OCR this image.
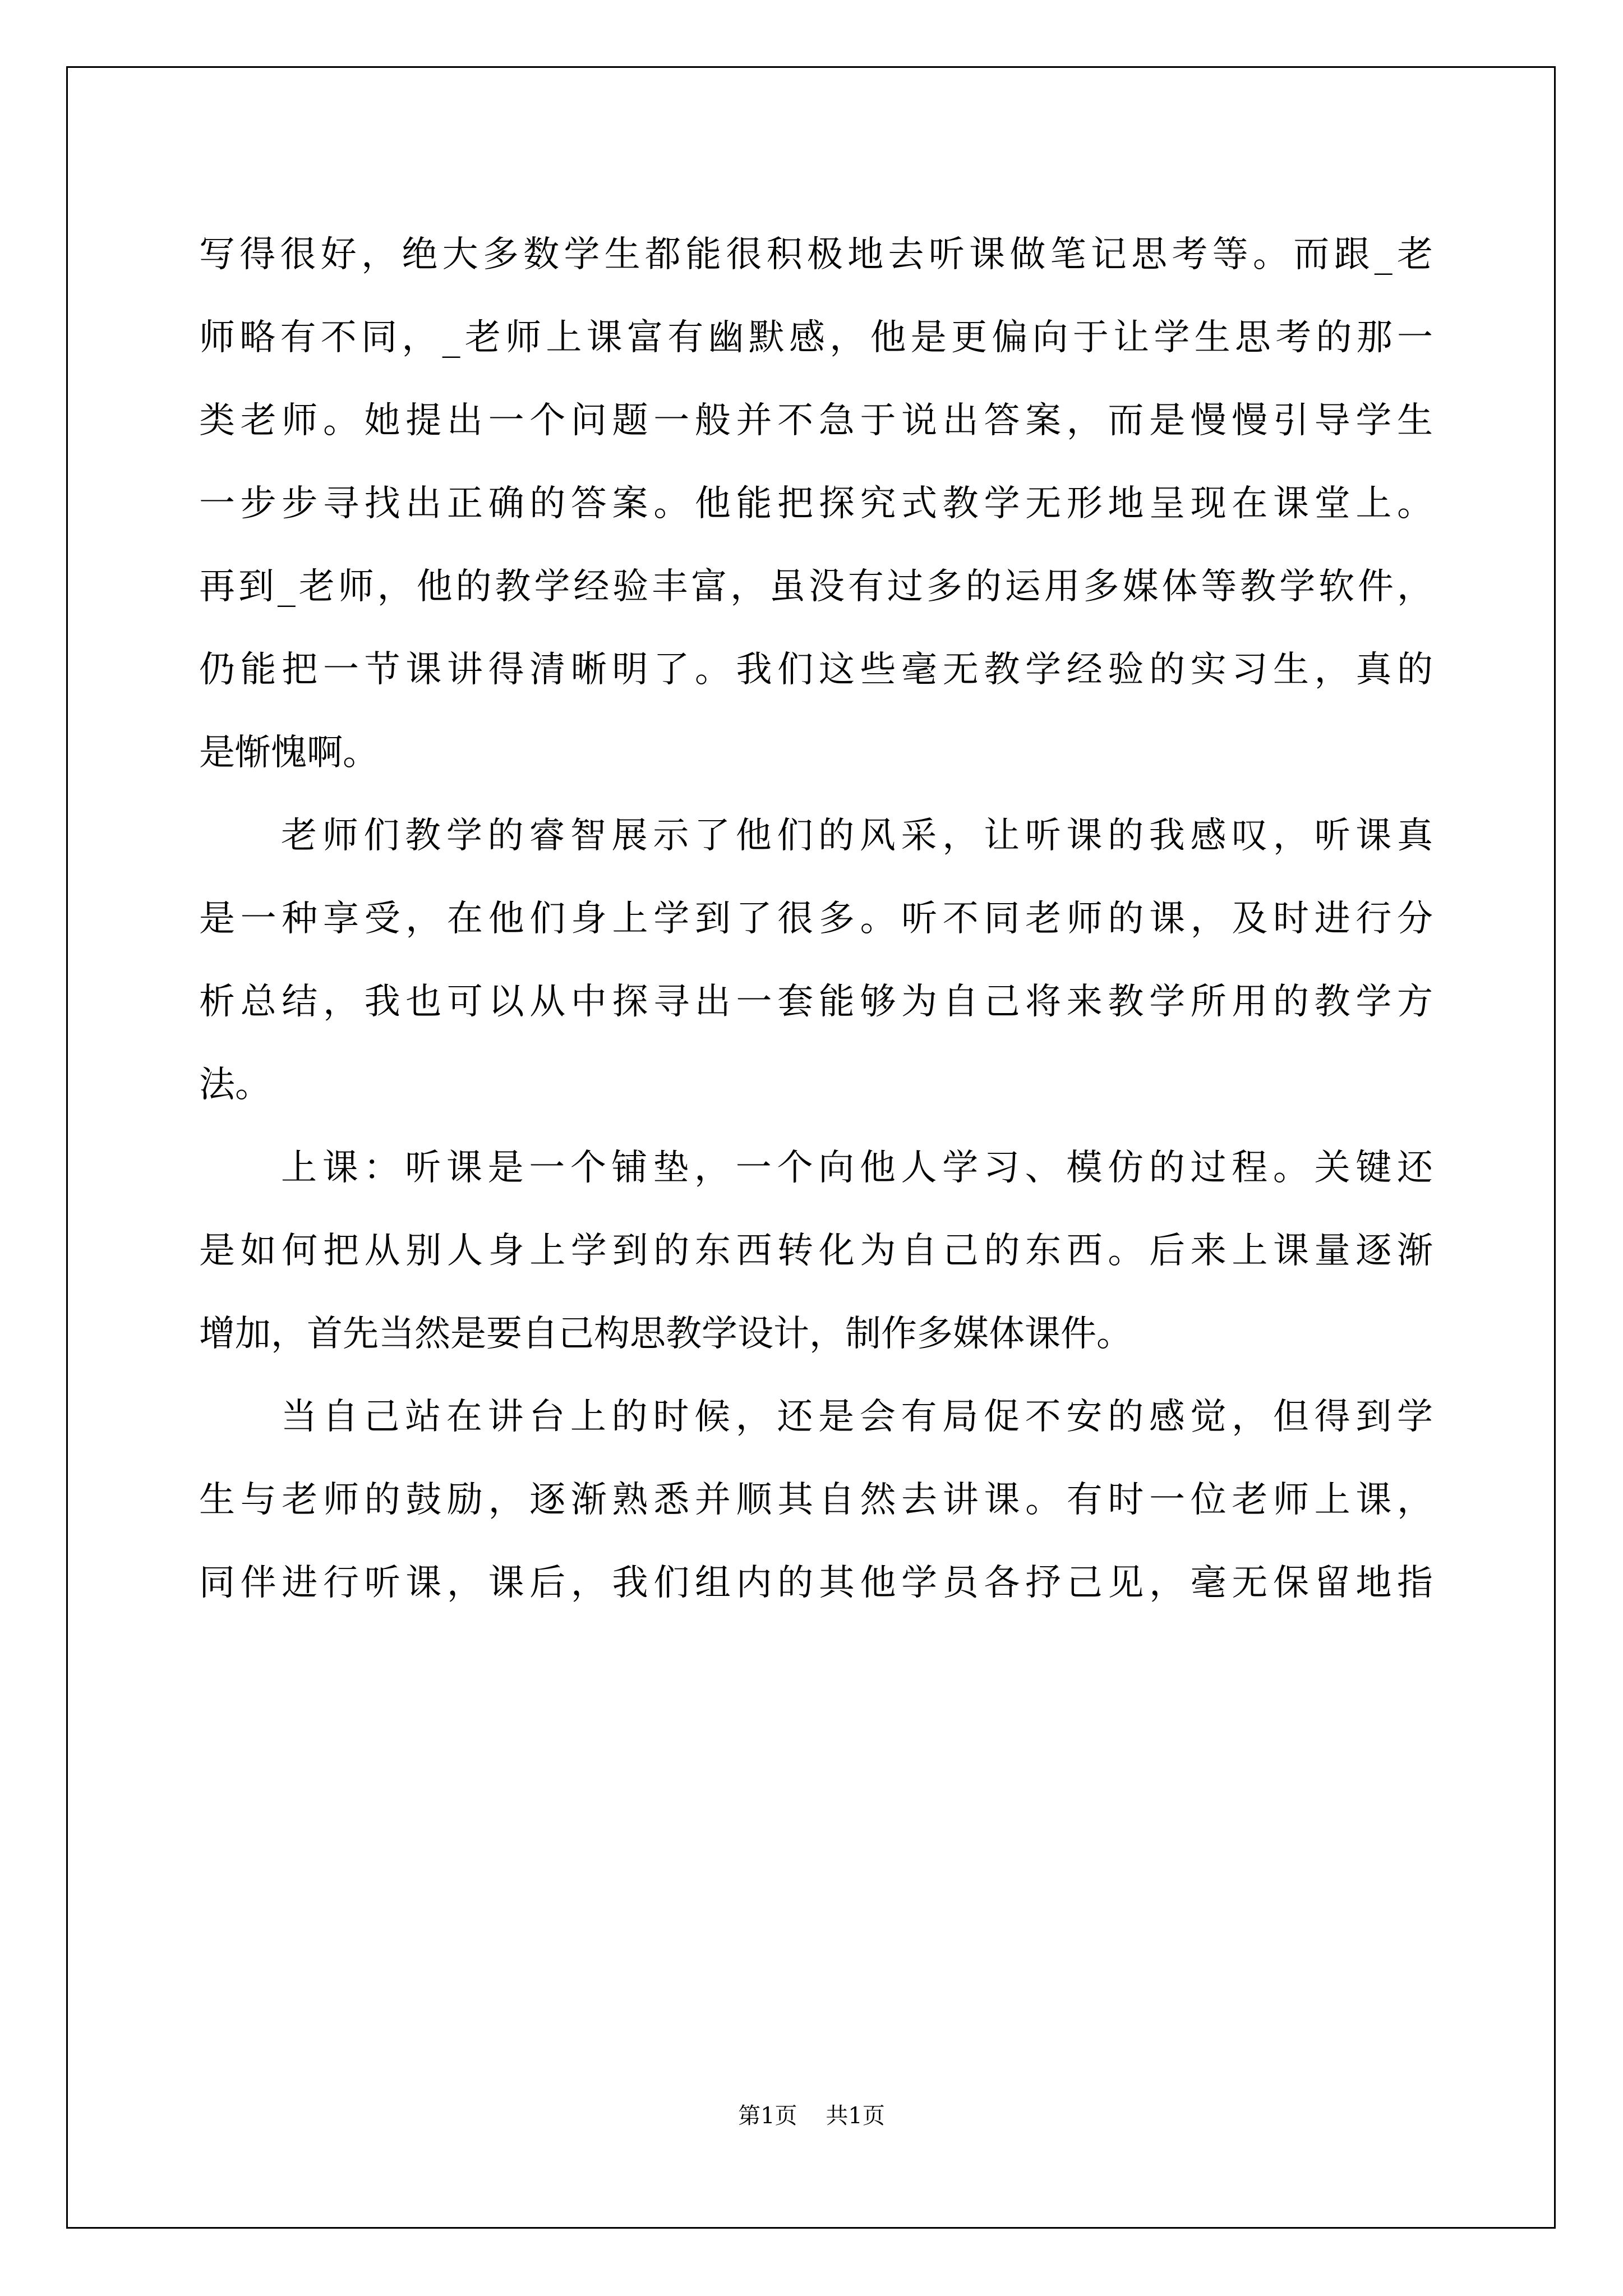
写得很好，绝大多数学生都能很积极地去听课做笔记思考等。而跟_老
师略有不同，_老师上课富有幽默感，他是更偏向于让学生思考的那一
类老师。她提出一个问题一般并不急于说出答案，而是慢慢引导学生
一步步寻找出正确的答案。他能把探究式教学无形地呈现在课堂上。
再到_老师，他的教学经验丰富，虽没有过多的运用多媒体等教学软件，
仍能把一节课讲得清晰明了。我们这些毫无教学经验的实习生，真的
是惭愧啊。
老师们教学的睿智展示了他们的风采，让听课的我感叹，听课真
是一种享受，在他们身上学到了很多。听不同老师的课，及时进行分
析总结，我也可以从中探寻出一套能够为自己将来教学所用的教学方
法。
上课：听课是一个铺垫，一个向他人学习、模仿的过程。关键还
是如何把从别人身上学到的东西转化为自己的东西。后来上课量逐渐
增加，首先当然是要自己构思教学设计，制作多媒体课件。
当自己站在讲台上的时候，还是会有局促不安的感觉，但得到学
生与老师的鼓励，逐渐熟悉并顺其自然去讲课。有时一位老师上课，
同伴进行听课，课后，我们组内的其他学员各抒己见，毫无保留地指
第1页    共1页
